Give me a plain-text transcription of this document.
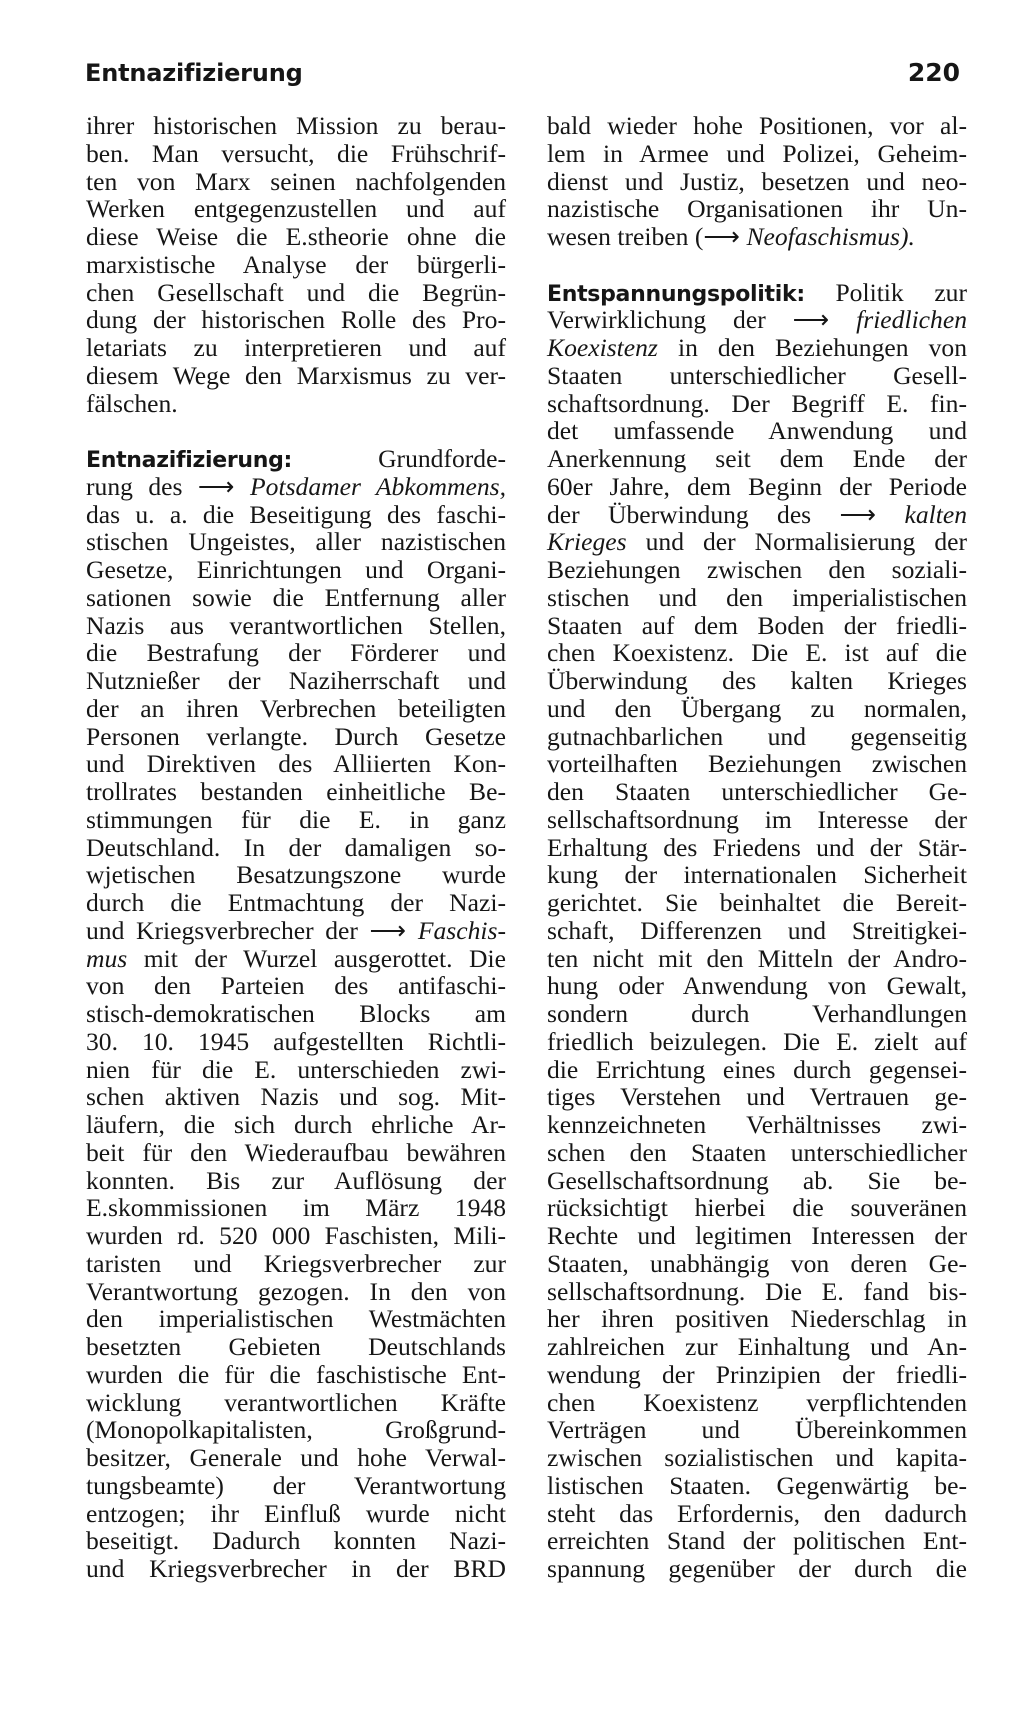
Entnazifizierung	220
ihrer historischen Mission zu berau-
ben. Man versucht, die Frühschrif-
ten von Marx seinen nachfolgenden
Werken entgegenzustellen und auf
diese Weise die E.stheorie ohne die
marxistische Analyse der bürgerli-
chen Gesellschaft und die Begrün-
dung der historischen Rolle des Pro-
letariats zu interpretieren und auf
diesem Wege den Marxismus zu ver-
fälschen.
Entnazifizierung: Grundforde-
rung des ⟶ Potsdamer Abkommens,
das u. a. die Beseitigung des faschi-
stischen Ungeistes, aller nazistischen
Gesetze, Einrichtungen und Organi-
sationen sowie die Entfernung aller
Nazis aus verantwortlichen Stellen,
die Bestrafung der Förderer und
Nutznießer der Naziherrschaft und
der an ihren Verbrechen beteiligten
Personen verlangte. Durch Gesetze
und Direktiven des Alliierten Kon-
trollrates bestanden einheitliche Be-
stimmungen für die E. in ganz
Deutschland. In der damaligen so-
wjetischen Besatzungszone wurde
durch die Entmachtung der Nazi-
und Kriegsverbrecher der ⟶ Faschis-
mus mit der Wurzel ausgerottet. Die
von den Parteien des antifaschi-
stisch-demokratischen Blocks am
30. 10. 1945 aufgestellten Richtli-
nien für die E. unterschieden zwi-
schen aktiven Nazis und sog. Mit-
läufern, die sich durch ehrliche Ar-
beit für den Wiederaufbau bewähren
konnten. Bis zur Auflösung der
E.skommissionen im März 1948
wurden rd. 520 000 Faschisten, Mili-
taristen und Kriegsverbrecher zur
Verantwortung gezogen. In den von
den imperialistischen Westmächten
besetzten Gebieten Deutschlands
wurden die für die faschistische Ent-
wicklung verantwortlichen Kräfte
(Monopolkapitalisten, Großgrund-
besitzer, Generale und hohe Verwal-
tungsbeamte) der Verantwortung
entzogen; ihr Einfluß wurde nicht
beseitigt. Dadurch konnten Nazi-
und Kriegsverbrecher in der BRD
bald wieder hohe Positionen, vor al-
lem in Armee und Polizei, Geheim-
dienst und Justiz, besetzen und neo-
nazistische Organisationen ihr Un-
wesen treiben (⟶ Neofaschismus).
Entspannungspolitik: Politik zur
Verwirklichung der ⟶ friedlichen
Koexistenz in den Beziehungen von
Staaten unterschiedlicher Gesell-
schaftsordnung. Der Begriff E. fin-
det umfassende Anwendung und
Anerkennung seit dem Ende der
60er Jahre, dem Beginn der Periode
der Überwindung des ⟶ kalten
Krieges und der Normalisierung der
Beziehungen zwischen den soziali-
stischen und den imperialistischen
Staaten auf dem Boden der friedli-
chen Koexistenz. Die E. ist auf die
Überwindung des kalten Krieges
und den Übergang zu normalen,
gutnachbarlichen und gegenseitig
vorteilhaften Beziehungen zwischen
den Staaten unterschiedlicher Ge-
sellschaftsordnung im Interesse der
Erhaltung des Friedens und der Stär-
kung der internationalen Sicherheit
gerichtet. Sie beinhaltet die Bereit-
schaft, Differenzen und Streitigkei-
ten nicht mit den Mitteln der Andro-
hung oder Anwendung von Gewalt,
sondern durch Verhandlungen
friedlich beizulegen. Die E. zielt auf
die Errichtung eines durch gegensei-
tiges Verstehen und Vertrauen ge-
kennzeichneten Verhältnisses zwi-
schen den Staaten unterschiedlicher
Gesellschaftsordnung ab. Sie be-
rücksichtigt hierbei die souveränen
Rechte und legitimen Interessen der
Staaten, unabhängig von deren Ge-
sellschaftsordnung. Die E. fand bis-
her ihren positiven Niederschlag in
zahlreichen zur Einhaltung und An-
wendung der Prinzipien der friedli-
chen Koexistenz verpflichtenden
Verträgen und Übereinkommen
zwischen sozialistischen und kapita-
listischen Staaten. Gegenwärtig be-
steht das Erfordernis, den dadurch
erreichten Stand der politischen Ent-
spannung gegenüber der durch die
